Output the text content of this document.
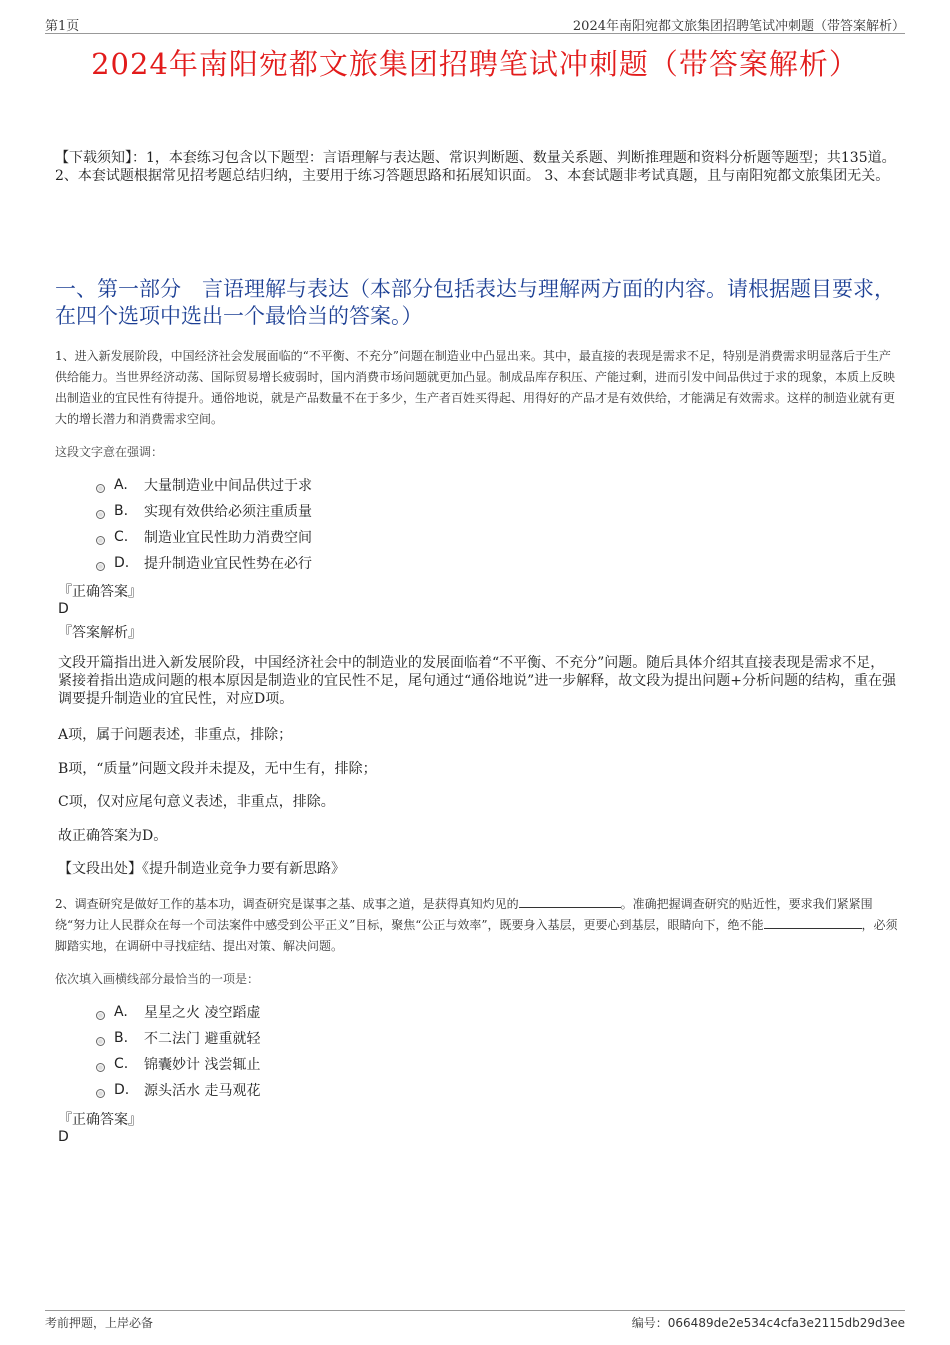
第1页	2024年南阳宛都文旅集团招聘笔试冲刺题（带答案解析）
2024年南阳宛都文旅集团招聘笔试冲刺题（带答案解析）
【下载须知】：1，本套练习包含以下题型：言语理解与表达题、常识判断题、数量关系题、判断推理题和资料分析题等题型；共135道。 2、本套试题根据常见招考题总结归纳，主要用于练习答题思路和拓展知识面。 3、本套试题非考试真题，且与南阳宛都文旅集团无关。
一、第一部分　言语理解与表达（本部分包括表达与理解两方面的内容。请根据题目要求，在四个选项中选出一个最恰当的答案。）
1、进入新发展阶段，中国经济社会发展面临的“不平衡、不充分”问题在制造业中凸显出来。其中，最直接的表现是需求不足，特别是消费需求明显落后于生产供给能力。当世界经济动荡、国际贸易增长疲弱时，国内消费市场问题就更加凸显。制成品库存积压、产能过剩，进而引发中间品供过于求的现象，本质上反映出制造业的宜民性有待提升。通俗地说，就是产品数量不在于多少，生产者百姓买得起、用得好的产品才是有效供给，才能满足有效需求。这样的制造业就有更大的增长潜力和消费需求空间。
这段文字意在强调：
A.	大量制造业中间品供过于求
B.	实现有效供给必须注重质量
C.	制造业宜民性助力消费空间
D.	提升制造业宜民性势在必行
『正确答案』
D
『答案解析』
文段开篇指出进入新发展阶段，中国经济社会中的制造业的发展面临着“不平衡、不充分”问题。随后具体介绍其直接表现是需求不足，紧接着指出造成问题的根本原因是制造业的宜民性不足，尾句通过“通俗地说”进一步解释，故文段为提出问题+分析问题的结构，重在强调要提升制造业的宜民性，对应D项。
A项，属于问题表述，非重点，排除；
B项，“质量”问题文段并未提及，无中生有，排除；
C项，仅对应尾句意义表述，非重点，排除。
故正确答案为D。
【文段出处】《提升制造业竞争力要有新思路》
2、调查研究是做好工作的基本功，调查研究是谋事之基、成事之道，是获得真知灼见的	。准确把握调查研究的贴近性，要求我们紧紧围绕“努力让人民群众在每一个司法案件中感受到公平正义”目标，聚焦“公正与效率”，既要身入基层，更要心到基层，眼睛向下，绝不能	，必须脚踏实地，在调研中寻找症结、提出对策、解决问题。
依次填入画横线部分最恰当的一项是：
A.	星星之火 凌空蹈虚
B.	不二法门 避重就轻
C.	锦囊妙计 浅尝辄止
D.	源头活水 走马观花
『正确答案』
D
考前押题，上岸必备	编号：066489de2e534c4cfa3e2115db29d3ee
